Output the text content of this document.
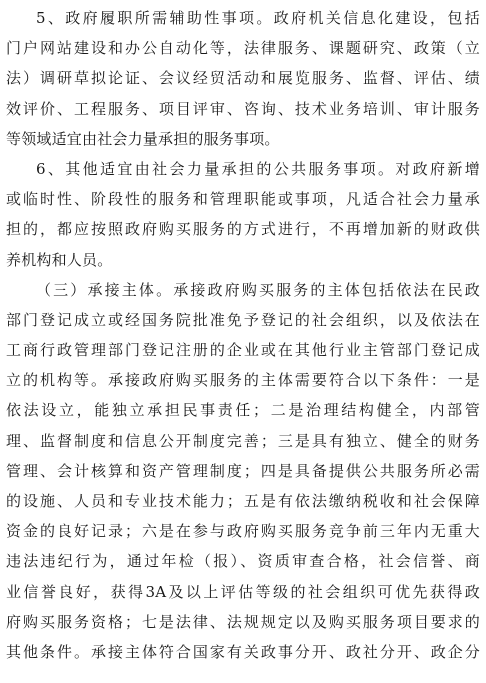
5、政府履职所需辅助性事项。政府机关信息化建设，包括
门户网站建设和办公自动化等，法律服务、课题研究、政策（立
法）调研草拟论证、会议经贸活动和展览服务、监督、评估、绩
效评价、工程服务、项目评审、咨询、技术业务培训、审计服务
等领域适宜由社会力量承担的服务事项。
6、其他适宜由社会力量承担的公共服务事项。对政府新增
或临时性、阶段性的服务和管理职能或事项，凡适合社会力量承
担的，都应按照政府购买服务的方式进行，不再增加新的财政供
养机构和人员。
（三）承接主体。承接政府购买服务的主体包括依法在民政
部门登记成立或经国务院批准免予登记的社会组织，以及依法在
工商行政管理部门登记注册的企业或在其他行业主管部门登记成
立的机构等。承接政府购买服务的主体需要符合以下条件：一是
依法设立，能独立承担民事责任；二是治理结构健全，内部管
理、监督制度和信息公开制度完善；三是具有独立、健全的财务
管理、会计核算和资产管理制度；四是具备提供公共服务所必需
的设施、人员和专业技术能力；五是有依法缴纳税收和社会保障
资金的良好记录；六是在参与政府购买服务竞争前三年内无重大
违法违纪行为，通过年检（报）、资质审查合格，社会信誉、商
业信誉良好，获得3A及以上评估等级的社会组织可优先获得政
府购买服务资格；七是法律、法规规定以及购买服务项目要求的
其他条件。承接主体符合国家有关政事分开、政社分开、政企分
